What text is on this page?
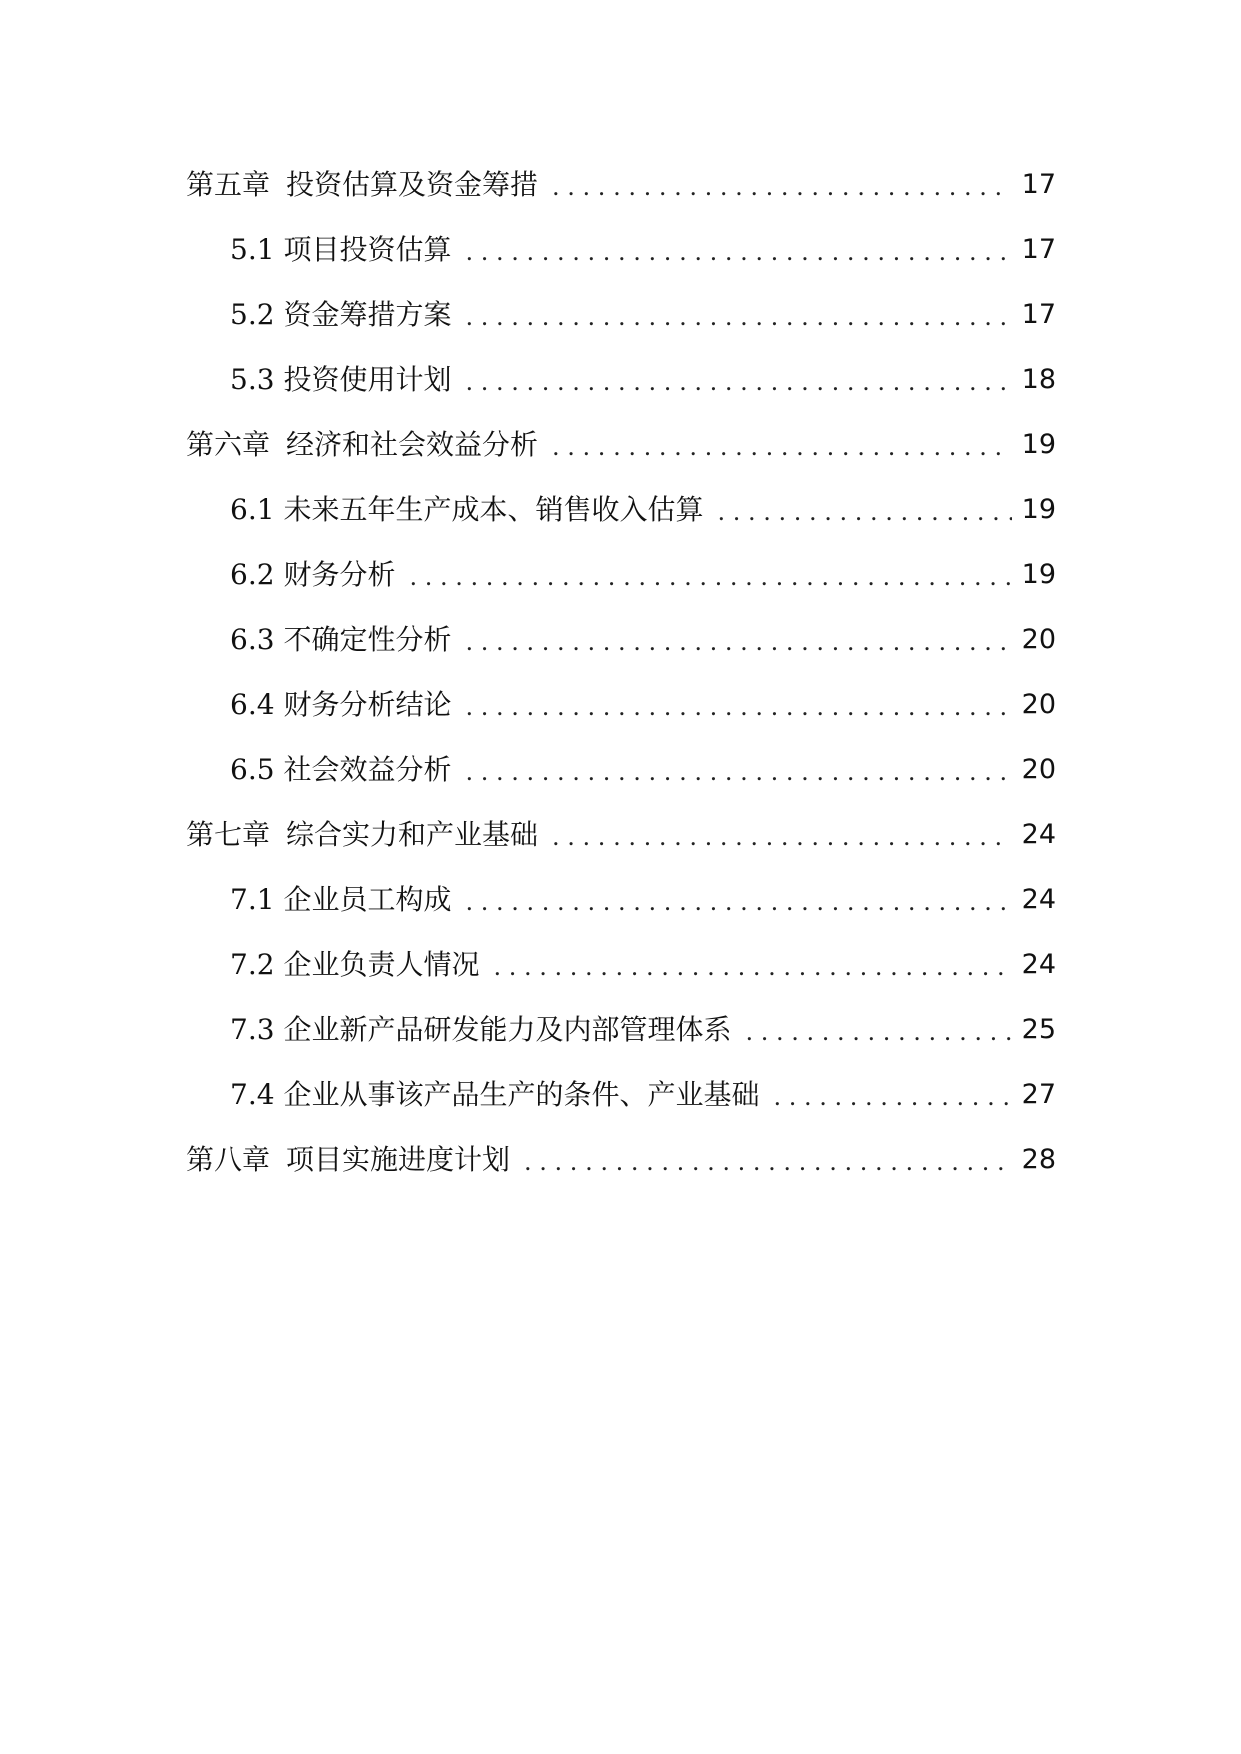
第五章 投资估算及资金筹措 . . .	17
5.1 项目投资估算 . . .	17
5.2 资金筹措方案 . . .	17
5.3 投资使用计划 . . .	18
第六章 经济和社会效益分析 . . .	19
6.1 未来五年生产成本、销售收入估算 . . .	19
6.2 财务分析 . . .	19
6.3 不确定性分析 . . .	20
6.4 财务分析结论 . . .	20
6.5 社会效益分析 . . .	20
第七章 综合实力和产业基础 . . .	24
7.1 企业员工构成 . . .	24
7.2 企业负责人情况 . . .	24
7.3 企业新产品研发能力及内部管理体系 . . .	25
7.4 企业从事该产品生产的条件、产业基础 . . .	27
第八章 项目实施进度计划 . . .	28
